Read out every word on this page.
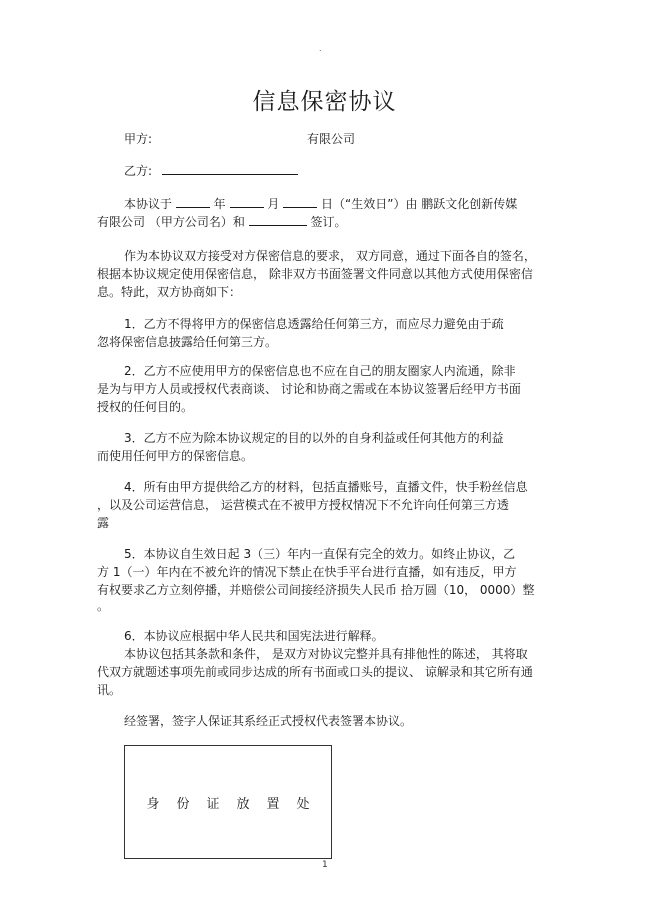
.
信息保密协议
甲方:	有限公司
乙方:
本协议于	年	月	日（“生效日”）由 鹏跃文化创新传媒
有限公司 （甲方公司名）和	签订。
作为本协议双方接受对方保密信息的要求， 双方同意，通过下面各自的签名，
根据本协议规定使用保密信息， 除非双方书面签署文件同意以其他方式使用保密信
息。特此，双方协商如下：
1．乙方不得将甲方的保密信息透露给任何第三方，而应尽力避免由于疏
忽将保密信息披露给任何第三方。
2．乙方不应使用甲方的保密信息也不应在自己的朋友圈家人内流通，除非
是为与甲方人员或授权代表商谈、 讨论和协商之需或在本协议签署后经甲方书面
授权的任何目的。
3．乙方不应为除本协议规定的目的以外的自身利益或任何其他方的利益
而使用任何甲方的保密信息。
4．所有由甲方提供给乙方的材料，包括直播账号，直播文件，快手粉丝信息
，以及公司运营信息， 运营模式在不被甲方授权情况下不允许向任何第三方透
露
5．本协议自生效日起 3（三）年内一直保有完全的效力。如终止协议，乙
方 1（一）年内在不被允许的情况下禁止在快手平台进行直播，如有违反，甲方
有权要求乙方立刻停播，并赔偿公司间接经济损失人民币 拾万圆（10， 0000）整
。
6．本协议应根据中华人民共和国宪法进行解释。
本协议包括其条款和条件， 是双方对协议完整并具有排他性的陈述， 其将取
代双方就题述事项先前或同步达成的所有书面或口头的提议、 谅解录和其它所有通
讯。
经签署，签字人保证其系经正式授权代表签署本协议。
身份证放置处
1
